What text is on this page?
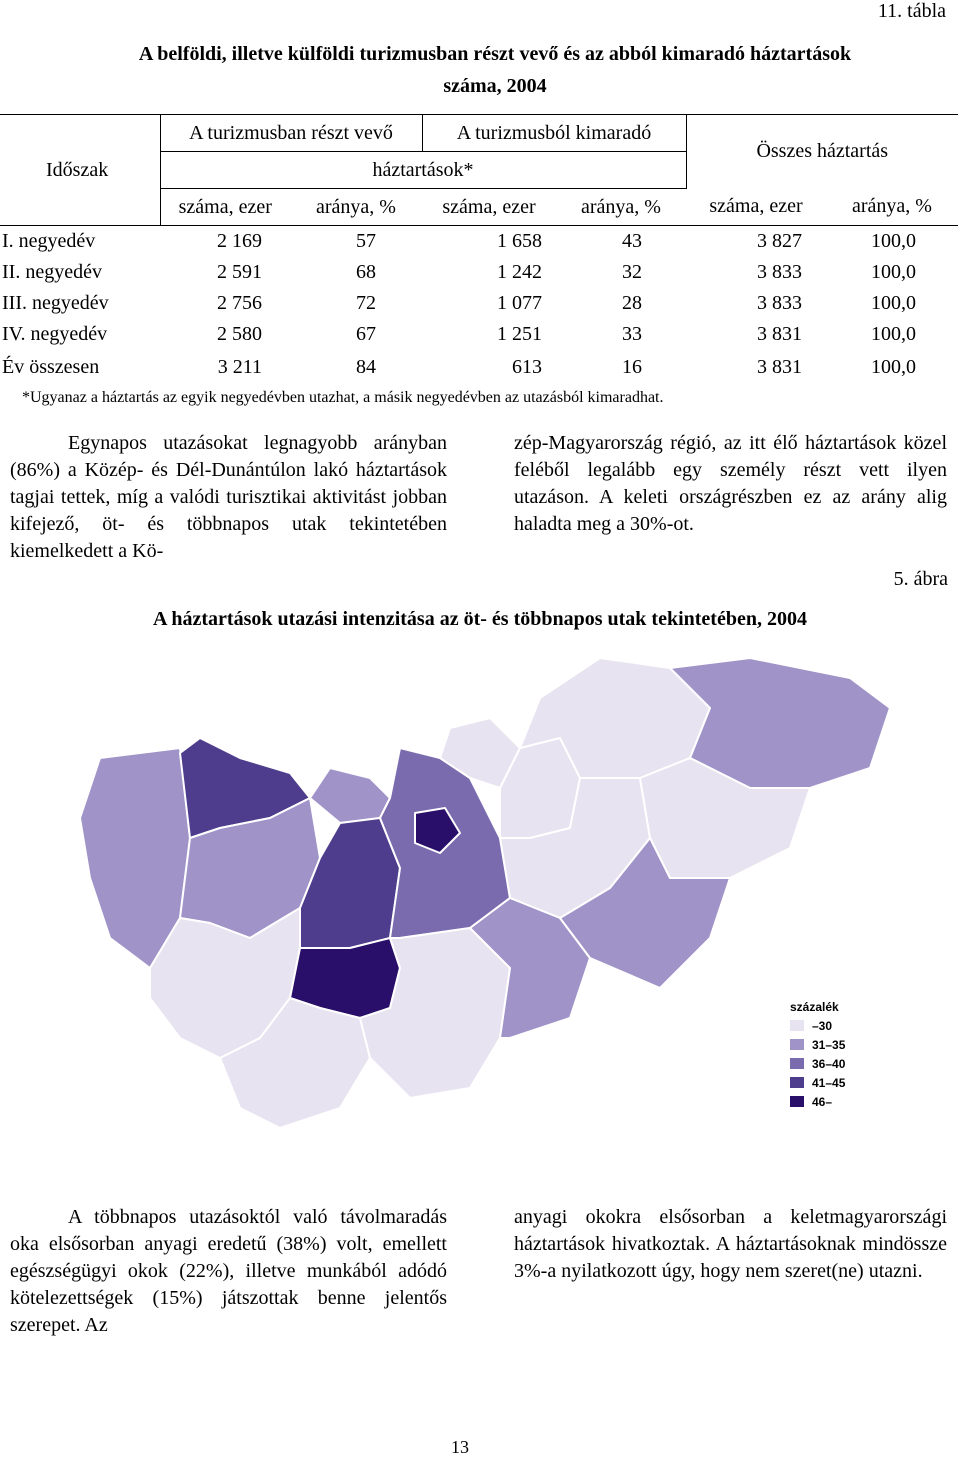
11. tábla
A belföldi, illetve külföldi turizmusban részt vevő és az abból kimaradó háztartások
száma, 2004
Időszak	A turizmusban részt vevő		A turizmusból kimaradó		Összes háztartás	
	háztartások*					
	száma, ezer	aránya, %	száma, ezer	aránya, %	száma, ezer	aránya, %
I. negyedév	2 169	57	1 658	43	3 827	100,0
II. negyedév	2 591	68	1 242	32	3 833	100,0
III. negyedév	2 756	72	1 077	28	3 833	100,0
IV. negyedév	2 580	67	1 251	33	3 831	100,0
Év összesen	3 211	84	613	16	3 831	100,0
*Ugyanaz a háztartás az egyik negyedévben utazhat, a másik negyedévben az utazásból kimaradhat.

Egynapos utazásokat legnagyobb arányban (86%) a Közép- és Dél-Dunántúlon lakó háztartások tagjai tettek, míg a valódi turisztikai aktivitást jobban kifejező, öt- és többnapos utak tekintetében kiemelkedett a Kö-

zép-Magyarország régió, az itt élő háztartások közel feléből legalább egy személy részt vett ilyen utazáson. A keleti országrészben ez az arány alig haladta meg a 30%-ot.

5. ábra
A háztartások utazási intenzitása az öt- és többnapos utak tekintetében, 2004
százalék
–30
31–35
36–40
41–45
46–

A többnapos utazásoktól való távolmaradás oka elsősorban anyagi eredetű (38%) volt, emellett egészségügyi okok (22%), illetve munkából adódó kötelezettségek (15%) játszottak benne jelentős szerepet. Az

anyagi okokra elsősorban a keletmagyarországi háztartások hivatkoztak. A háztartásoknak mindössze 3%-a nyilatkozott úgy, hogy nem szeret(ne) utazni.

13
